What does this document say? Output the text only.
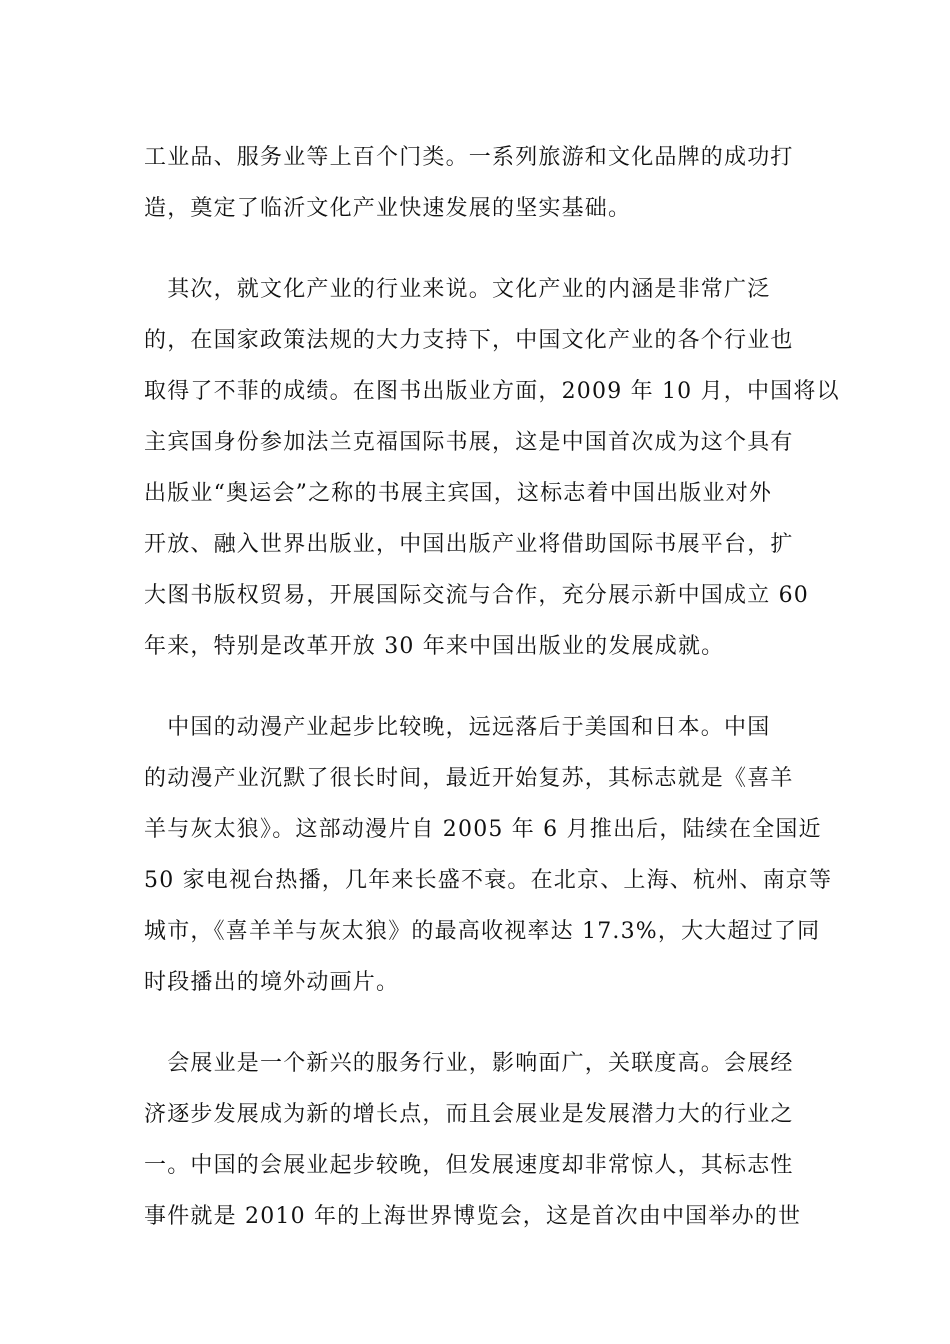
工业品、服务业等上百个门类。一系列旅游和文化品牌的成功打
造，奠定了临沂文化产业快速发展的坚实基础。
　其次，就文化产业的行业来说。文化产业的内涵是非常广泛
的，在国家政策法规的大力支持下，中国文化产业的各个行业也
取得了不菲的成绩。在图书出版业方面，2009 年 10 月，中国将以
主宾国身份参加法兰克福国际书展，这是中国首次成为这个具有
出版业“奥运会”之称的书展主宾国，这标志着中国出版业对外
开放、融入世界出版业，中国出版产业将借助国际书展平台，扩
大图书版权贸易，开展国际交流与合作，充分展示新中国成立 60
年来，特别是改革开放 30 年来中国出版业的发展成就。
　中国的动漫产业起步比较晚，远远落后于美国和日本。中国
的动漫产业沉默了很长时间，最近开始复苏，其标志就是《喜羊
羊与灰太狼》。这部动漫片自 2005 年 6 月推出后，陆续在全国近
50 家电视台热播，几年来长盛不衰。在北京、上海、杭州、南京等
城市，《喜羊羊与灰太狼》的最高收视率达 17.3%，大大超过了同
时段播出的境外动画片。
　会展业是一个新兴的服务行业，影响面广，关联度高。会展经
济逐步发展成为新的增长点，而且会展业是发展潜力大的行业之
一。中国的会展业起步较晚，但发展速度却非常惊人，其标志性
事件就是 2010 年的上海世界博览会，这是首次由中国举办的世
